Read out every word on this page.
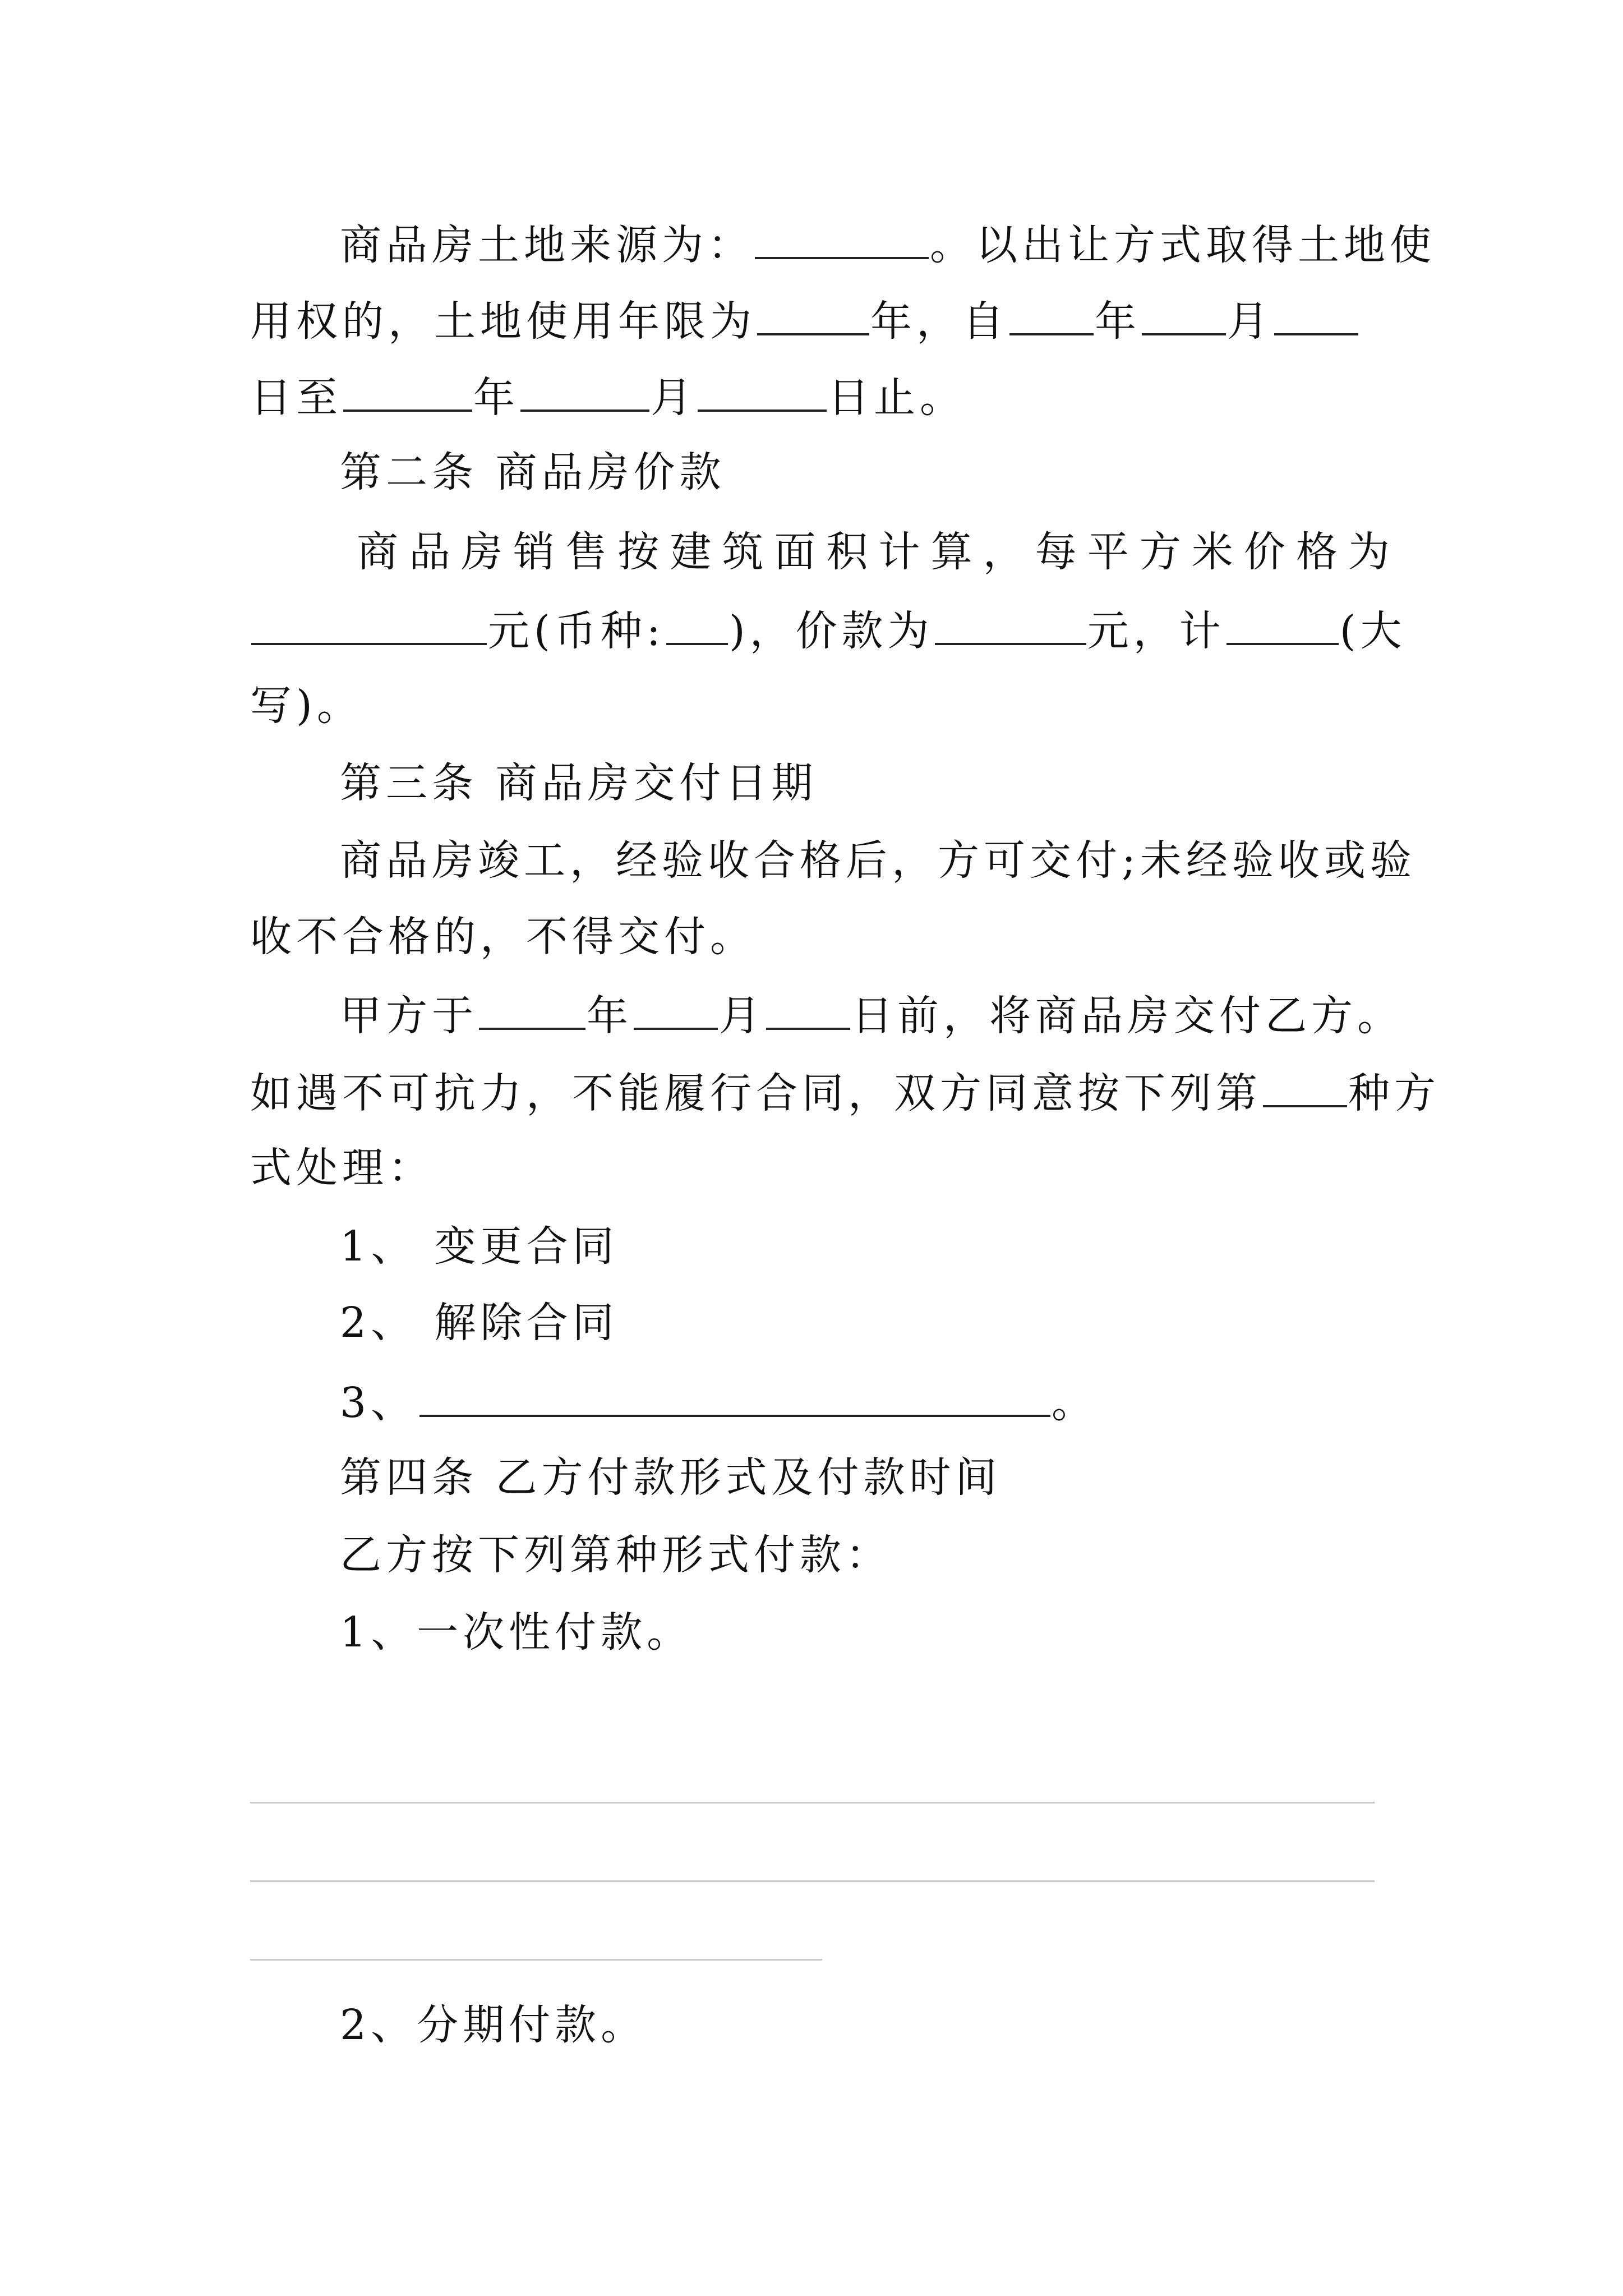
商品房土地来源为：	。以出让方式取得土地使
用权的，土地使用年限为	年，自 年 月
日至	年	月	日止。
第二条 商品房价款
商品房销售按建筑面积计算，每平方米价格为
元(币种: )，价款为	元，计	(大
写)。
第三条 商品房交付日期
商品房竣工，经验收合格后，方可交付;未经验收或验
收不合格的，不得交付。
甲方于	年 月 日前，将商品房交付乙方。
如遇不可抗力，不能履行合同，双方同意按下列第 种方
式处理：
1、 变更合同
2、 解除合同
3、	。
第四条 乙方付款形式及付款时间
乙方按下列第种形式付款：
1、一次性付款。
2、分期付款。
